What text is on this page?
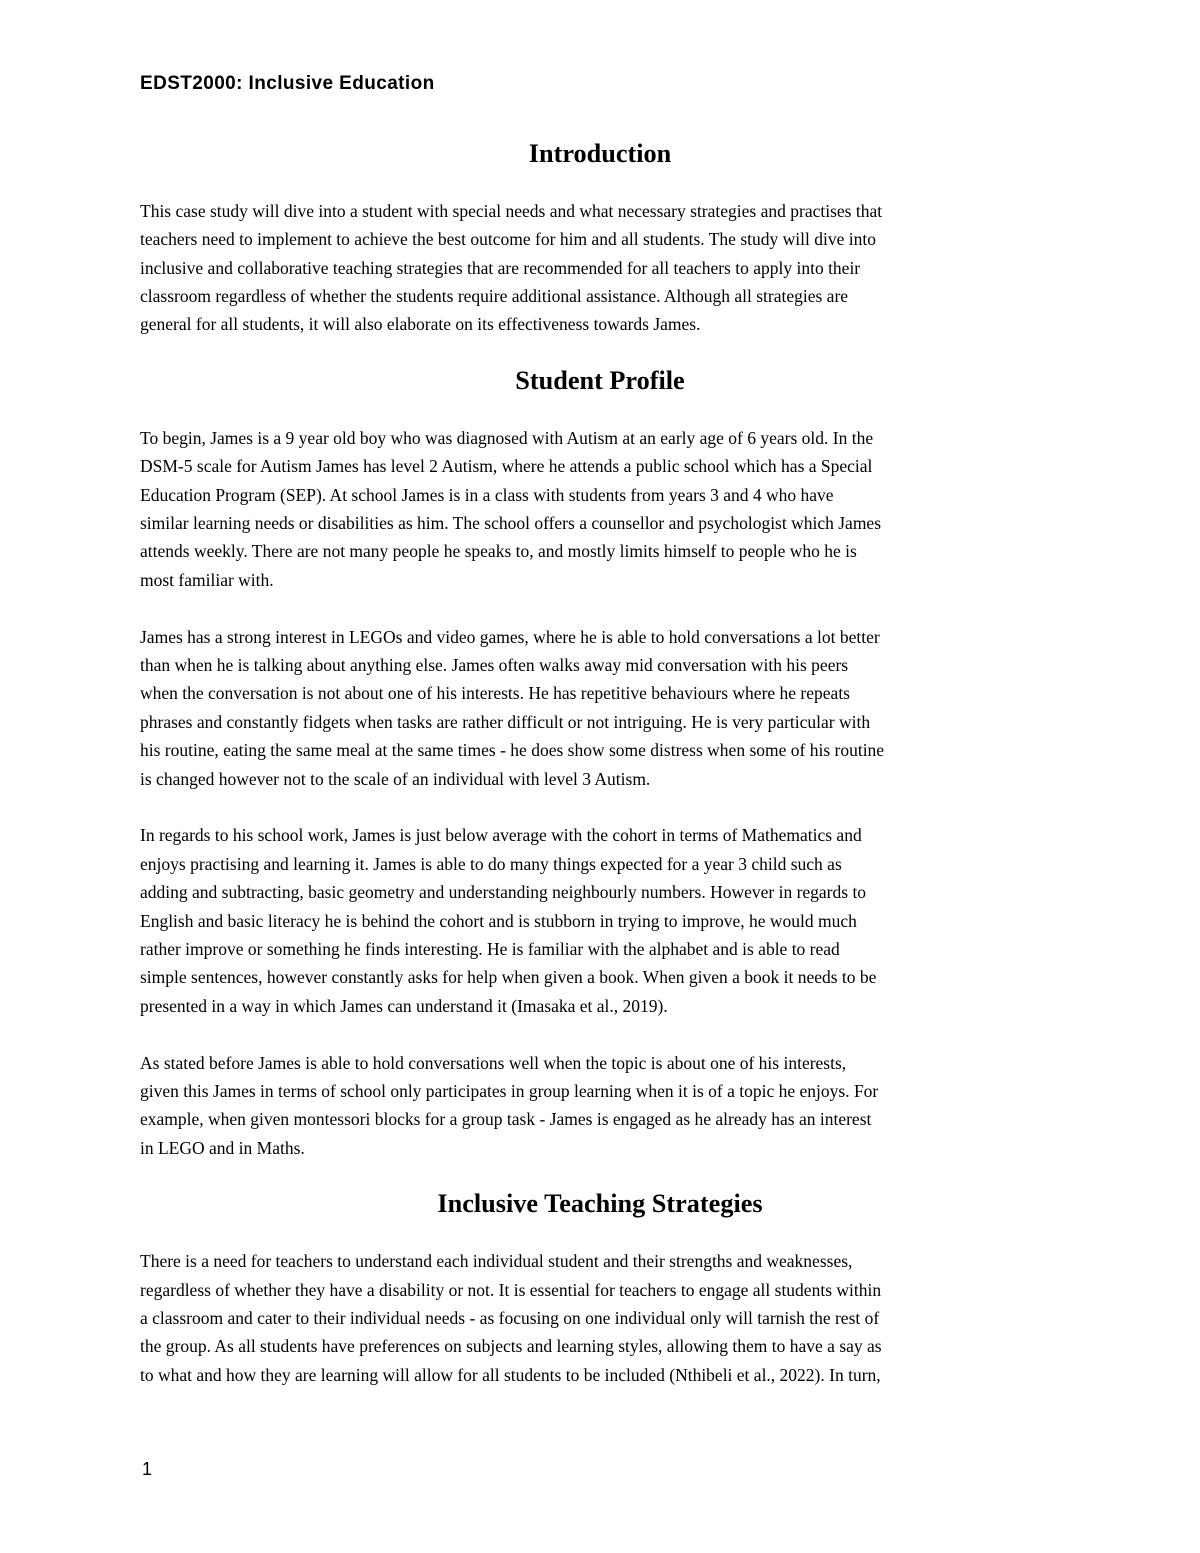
EDST2000: Inclusive Education
Introduction

This case study will dive into a student with special needs and what necessary strategies and practises that
teachers need to implement to achieve the best outcome for him and all students. The study will dive into
inclusive and collaborative teaching strategies that are recommended for all teachers to apply into their
classroom regardless of whether the students require additional assistance. Although all strategies are
general for all students, it will also elaborate on its effectiveness towards James.

Student Profile

To begin, James is a 9 year old boy who was diagnosed with Autism at an early age of 6 years old. In the
DSM-5 scale for Autism James has level 2 Autism, where he attends a public school which has a Special
Education Program (SEP). At school James is in a class with students from years 3 and 4 who have
similar learning needs or disabilities as him. The school offers a counsellor and psychologist which James
attends weekly. There are not many people he speaks to, and mostly limits himself to people who he is
most familiar with.

James has a strong interest in LEGOs and video games, where he is able to hold conversations a lot better
than when he is talking about anything else. James often walks away mid conversation with his peers
when the conversation is not about one of his interests. He has repetitive behaviours where he repeats
phrases and constantly fidgets when tasks are rather difficult or not intriguing. He is very particular with
his routine, eating the same meal at the same times - he does show some distress when some of his routine
is changed however not to the scale of an individual with level 3 Autism.

In regards to his school work, James is just below average with the cohort in terms of Mathematics and
enjoys practising and learning it. James is able to do many things expected for a year 3 child such as
adding and subtracting, basic geometry and understanding neighbourly numbers. However in regards to
English and basic literacy he is behind the cohort and is stubborn in trying to improve, he would much
rather improve or something he finds interesting. He is familiar with the alphabet and is able to read
simple sentences, however constantly asks for help when given a book. When given a book it needs to be
presented in a way in which James can understand it (Imasaka et al., 2019).

As stated before James is able to hold conversations well when the topic is about one of his interests,
given this James in terms of school only participates in group learning when it is of a topic he enjoys. For
example, when given montessori blocks for a group task - James is engaged as he already has an interest
in LEGO and in Maths.

Inclusive Teaching Strategies

There is a need for teachers to understand each individual student and their strengths and weaknesses,
regardless of whether they have a disability or not. It is essential for teachers to engage all students within
a classroom and cater to their individual needs - as focusing on one individual only will tarnish the rest of
the group. As all students have preferences on subjects and learning styles, allowing them to have a say as
to what and how they are learning will allow for all students to be included (Nthibeli et al., 2022). In turn,

1
